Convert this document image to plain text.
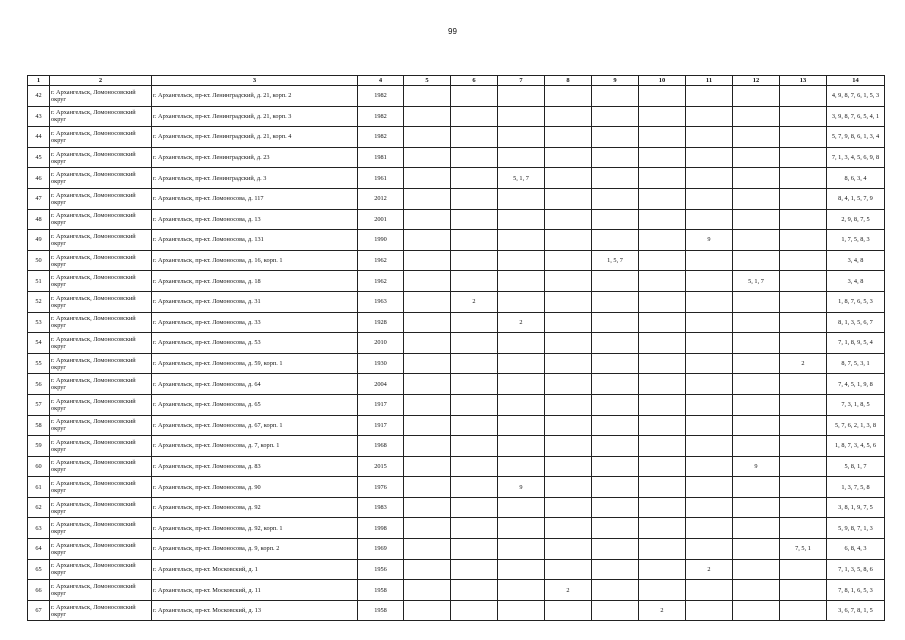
99
1	2	3	4	5	6	7	8	9	10	11	12	13	14
42	г. Архангельск, Ломоносовский округ	г. Архангельск, пр-кт. Ленинградский, д. 21, корп. 2	1982										4, 9, 8, 7, 6, 1, 5, 3
43	г. Архангельск, Ломоносовский округ	г. Архангельск, пр-кт. Ленинградский, д. 21, корп. 3	1982										3, 9, 8, 7, 6, 5, 4, 1
44	г. Архангельск, Ломоносовский округ	г. Архангельск, пр-кт. Ленинградский, д. 21, корп. 4	1982										5, 7, 9, 8, 6, 1, 3, 4
45	г. Архангельск, Ломоносовский округ	г. Архангельск, пр-кт. Ленинградский, д. 23	1981										7, 1, 3, 4, 5, 6, 9, 8
46	г. Архангельск, Ломоносовский округ	г. Архангельск, пр-кт. Ленинградский, д. 3	1961			5, 1, 7							8, 6, 3, 4
47	г. Архангельск, Ломоносовский округ	г. Архангельск, пр-кт. Ломоносова, д. 117	2012										8, 4, 1, 5, 7, 9
48	г. Архангельск, Ломоносовский округ	г. Архангельск, пр-кт. Ломоносова, д. 13	2001										2, 9, 8, 7, 5
49	г. Архангельск, Ломоносовский округ	г. Архангельск, пр-кт. Ломоносова, д. 131	1990							9			1, 7, 5, 8, 3
50	г. Архангельск, Ломоносовский округ	г. Архангельск, пр-кт. Ломоносова, д. 16, корп. 1	1962					1, 5, 7					3, 4, 8
51	г. Архангельск, Ломоносовский округ	г. Архангельск, пр-кт. Ломоносова, д. 18	1962								5, 1, 7		3, 4, 8
52	г. Архангельск, Ломоносовский округ	г. Архангельск, пр-кт. Ломоносова, д. 31	1963		2								1, 8, 7, 6, 5, 3
53	г. Архангельск, Ломоносовский округ	г. Архангельск, пр-кт. Ломоносова, д. 33	1928			2							8, 1, 3, 5, 6, 7
54	г. Архангельск, Ломоносовский округ	г. Архангельск, пр-кт. Ломоносова, д. 53	2010										7, 1, 8, 9, 5, 4
55	г. Архангельск, Ломоносовский округ	г. Архангельск, пр-кт. Ломоносова, д. 59, корп. 1	1930									2	8, 7, 5, 3, 1
56	г. Архангельск, Ломоносовский округ	г. Архангельск, пр-кт. Ломоносова, д. 64	2004										7, 4, 5, 1, 9, 8
57	г. Архангельск, Ломоносовский округ	г. Архангельск, пр-кт. Ломоносова, д. 65	1917										7, 3, 1, 8, 5
58	г. Архангельск, Ломоносовский округ	г. Архангельск, пр-кт. Ломоносова, д. 67, корп. 1	1917										5, 7, 6, 2, 1, 3, 8
59	г. Архангельск, Ломоносовский округ	г. Архангельск, пр-кт. Ломоносова, д. 7, корп. 1	1968										1, 8, 7, 3, 4, 5, 6
60	г. Архангельск, Ломоносовский округ	г. Архангельск, пр-кт. Ломоносова, д. 83	2015								9		5, 8, 1, 7
61	г. Архангельск, Ломоносовский округ	г. Архангельск, пр-кт. Ломоносова, д. 90	1976			9							1, 3, 7, 5, 8
62	г. Архангельск, Ломоносовский округ	г. Архангельск, пр-кт. Ломоносова, д. 92	1983										3, 8, 1, 9, 7, 5
63	г. Архангельск, Ломоносовский округ	г. Архангельск, пр-кт. Ломоносова, д. 92, корп. 1	1998										5, 9, 8, 7, 1, 3
64	г. Архангельск, Ломоносовский округ	г. Архангельск, пр-кт. Ломоносова, д. 9, корп. 2	1969									7, 5, 1	6, 8, 4, 3
65	г. Архангельск, Ломоносовский округ	г. Архангельск, пр-кт. Московский, д. 1	1956							2			7, 1, 3, 5, 8, 6
66	г. Архангельск, Ломоносовский округ	г. Архангельск, пр-кт. Московский, д. 11	1958				2						7, 8, 1, 6, 5, 3
67	г. Архангельск, Ломоносовский округ	г. Архангельск, пр-кт. Московский, д. 13	1958						2				3, 6, 7, 8, 1, 5
